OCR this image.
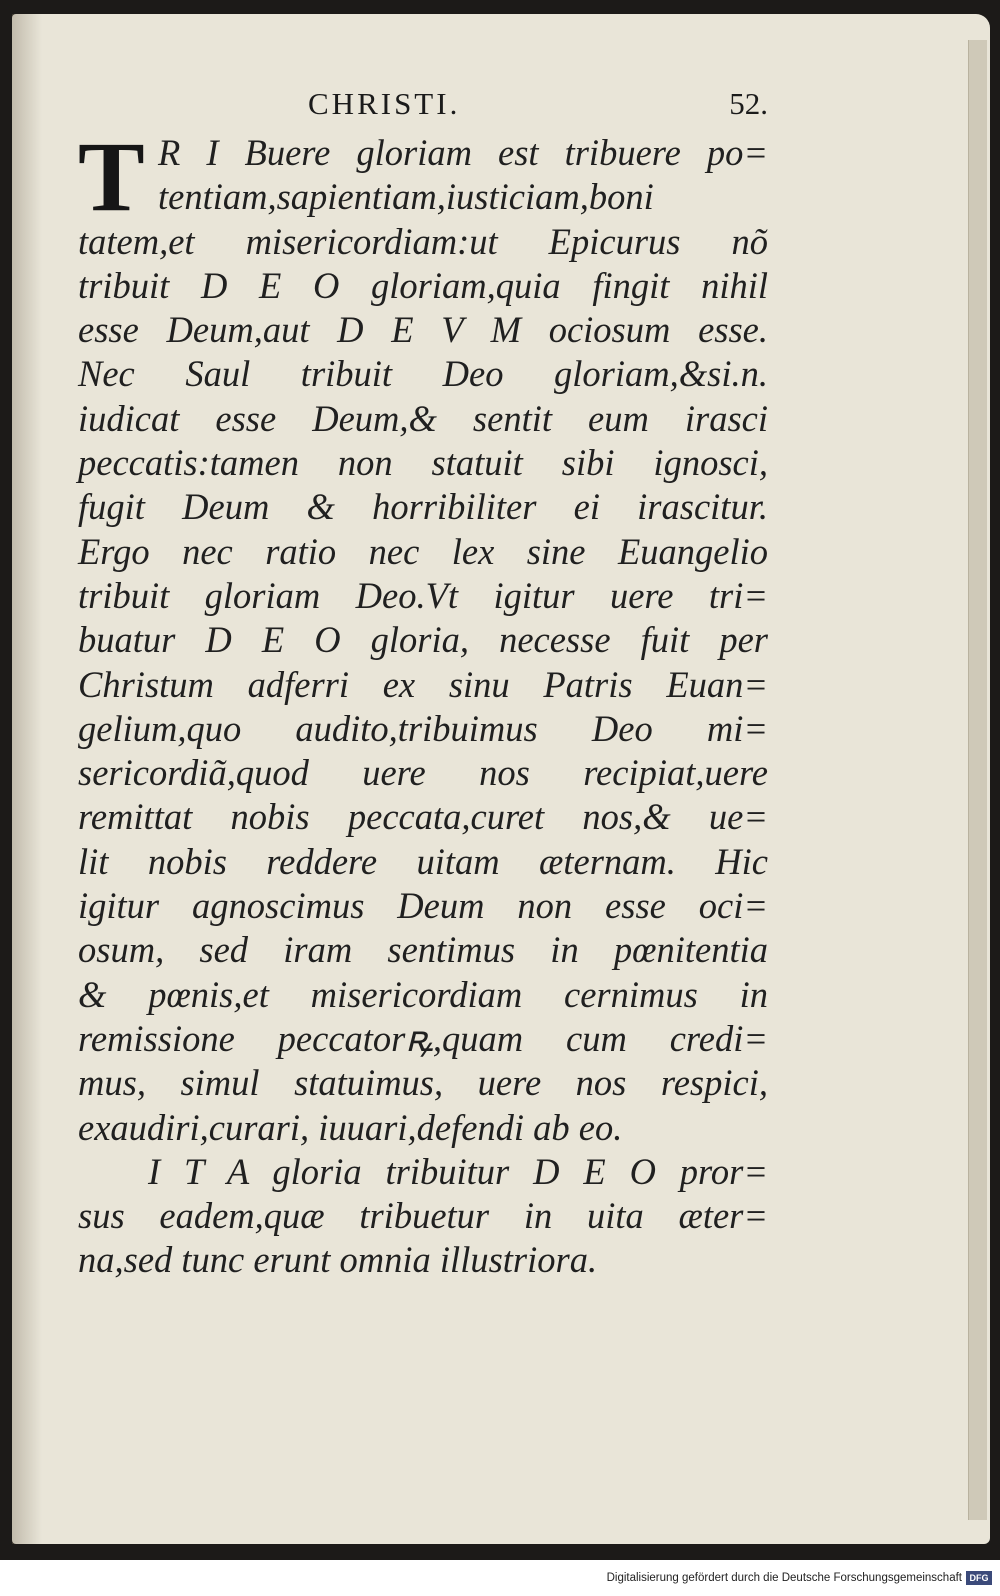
CHRISTI.	52.
T R I Buere gloriam est tribuere po=
tentiam,sapientiam,iusticiam,boni
tatem,et misericordiam:ut Epicurus nõ
tribuit D E O gloriam,quia fingit nihil
esse Deum,aut D E V M ociosum esse.
Nec Saul tribuit Deo gloriam,&si.n.
iudicat esse Deum,& sentit eum irasci
peccatis:tamen non statuit sibi ignosci,
fugit Deum & horribiliter ei irascitur.
Ergo nec ratio nec lex sine Euangelio
tribuit gloriam Deo.Vt igitur uere tri=
buatur D E O gloria, necesse fuit per
Christum adferri ex sinu Patris Euan=
gelium,quo audito,tribuimus Deo mi=
sericordiã,quod uere nos recipiat,uere
remittat nobis peccata,curet nos,& ue=
lit nobis reddere uitam æternam. Hic
igitur agnoscimus Deum non esse oci=
osum, sed iram sentimus in pœnitentia
& pœnis,et misericordiam cernimus in
remissione peccatorꝶ,quam cum credi=
mus, simul statuimus, uere nos respici,
exaudiri,curari, iuuari,defendi ab eo.
I T A gloria tribuitur D E O pror=
sus eadem,quæ tribuetur in uita æter=
na,sed tunc erunt omnia illustriora.
Digitalisierung gefördert durch die Deutsche Forschungsgemeinschaft DFG
